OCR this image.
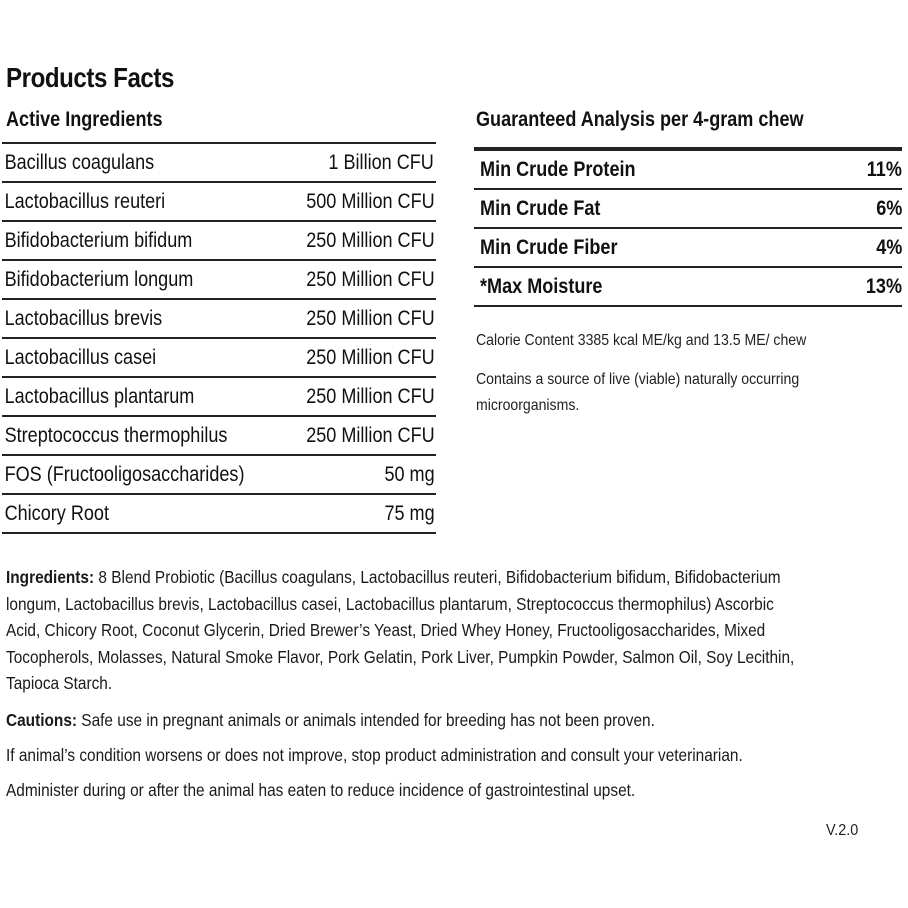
Products Facts
Active Ingredients	Guaranteed Analysis per 4-gram chew
Bacillus coagulans	1 Billion CFU
Lactobacillus reuteri	500 Million CFU
Bifidobacterium bifidum	250 Million CFU
Bifidobacterium longum	250 Million CFU
Lactobacillus brevis	250 Million CFU
Lactobacillus casei	250 Million CFU
Lactobacillus plantarum	250 Million CFU
Streptococcus thermophilus	250 Million CFU
FOS (Fructooligosaccharides)	50 mg
Chicory Root	75 mg
Min Crude Protein	11%
Min Crude Fat	6%
Min Crude Fiber	4%
*Max Moisture	13%
Calorie Content 3385 kcal ME/kg and 13.5 ME/ chew
Contains a source of live (viable) naturally occurring
microorganisms.
Ingredients: 8 Blend Probiotic (Bacillus coagulans, Lactobacillus reuteri, Bifidobacterium bifidum, Bifidobacterium
longum, Lactobacillus brevis, Lactobacillus casei, Lactobacillus plantarum, Streptococcus thermophilus) Ascorbic
Acid, Chicory Root, Coconut Glycerin, Dried Brewer’s Yeast, Dried Whey Honey, Fructooligosaccharides, Mixed
Tocopherols, Molasses, Natural Smoke Flavor, Pork Gelatin, Pork Liver, Pumpkin Powder, Salmon Oil, Soy Lecithin,
Tapioca Starch.
Cautions: Safe use in pregnant animals or animals intended for breeding has not been proven.
If animal’s condition worsens or does not improve, stop product administration and consult your veterinarian.
Administer during or after the animal has eaten to reduce incidence of gastrointestinal upset.
V.2.0
